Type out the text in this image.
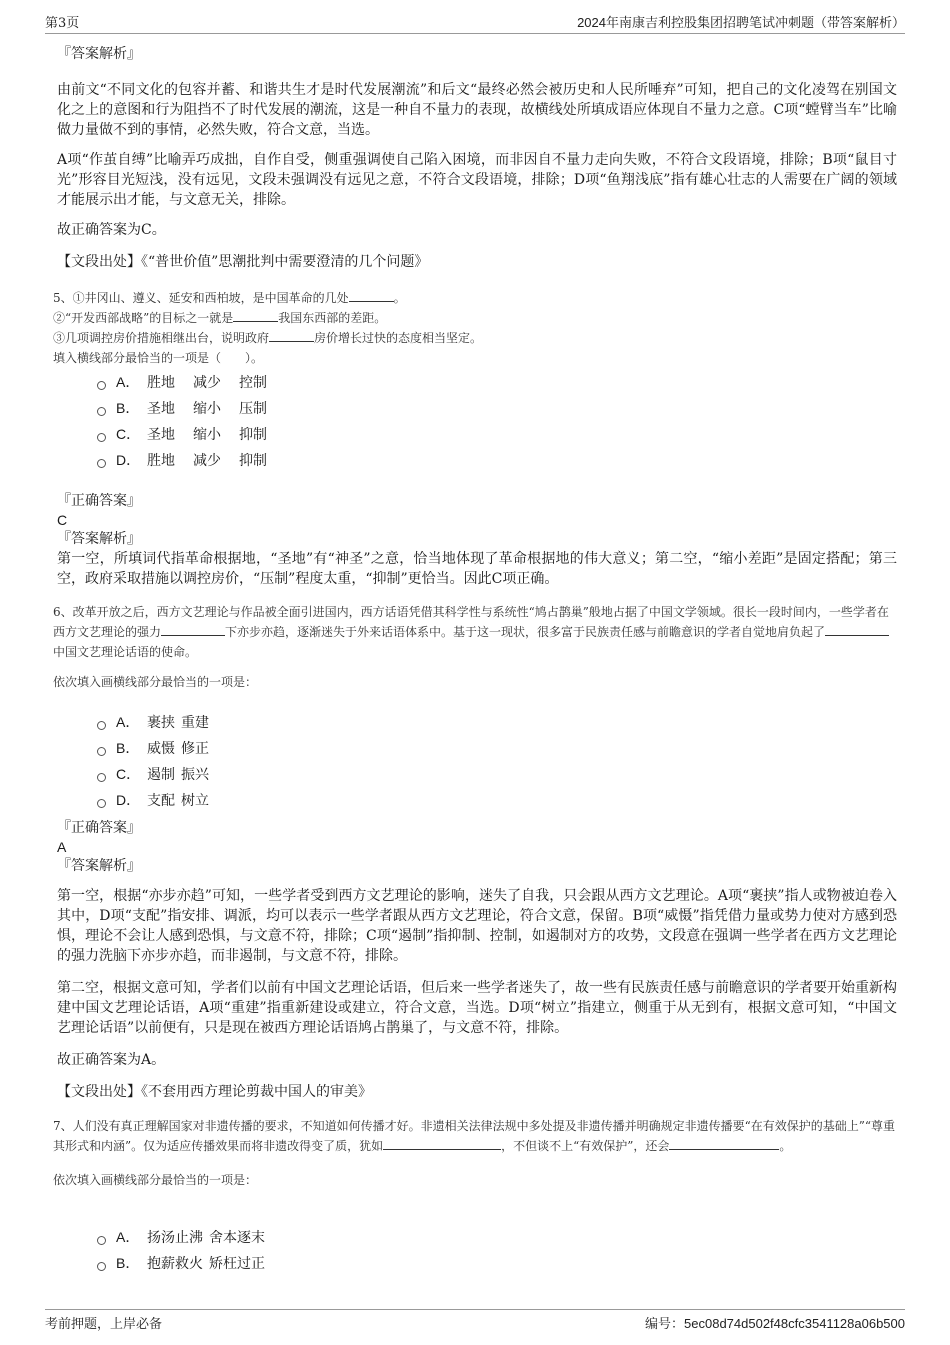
第3页	2024年南康吉利控股集团招聘笔试冲刺题（带答案解析）

『答案解析』

由前文“不同文化的包容并蓄、和谐共生才是时代发展潮流”和后文“最终必然会被历史和人民所唾弃”可知，把自己的文化凌驾在别国文化之上的意图和行为阻挡不了时代发展的潮流，这是一种自不量力的表现，故横线处所填成语应体现自不量力之意。C项“螳臂当车”比喻做力量做不到的事情，必然失败，符合文意，当选。

A项“作茧自缚”比喻弄巧成拙，自作自受，侧重强调使自己陷入困境，而非因自不量力走向失败，不符合文段语境，排除；B项“鼠目寸光”形容目光短浅，没有远见，文段未强调没有远见之意，不符合文段语境，排除；D项“鱼翔浅底”指有雄心壮志的人需要在广阔的领域才能展示出才能，与文意无关，排除。

故正确答案为C。

【文段出处】《“普世价值”思潮批判中需要澄清的几个问题》

5、①井冈山、遵义、延安和西柏坡，是中国革命的几处	。

②“开发西部战略”的目标之一就是	我国东西部的差距。

③几项调控房价措施相继出台，说明政府	房价增长过快的态度相当坚定。

填入横线部分最恰当的一项是（　　）。

A． 胜地 减少 控制
B． 圣地 缩小 压制
C． 圣地 缩小 抑制
D． 胜地 减少 抑制

『正确答案』

C

『答案解析』

第一空，所填词代指革命根据地，“圣地”有“神圣”之意，恰当地体现了革命根据地的伟大意义；第二空，“缩小差距”是固定搭配；第三空，政府采取措施以调控房价，“压制”程度太重，“抑制”更恰当。因此C项正确。

6、改革开放之后，西方文艺理论与作品被全面引进国内，西方话语凭借其科学性与系统性“鸠占鹊巢”般地占据了中国文学领域。很长一段时间内，一些学者在西方文艺理论的强力	下亦步亦趋，逐渐迷失于外来话语体系中。基于这一现状，很多富于民族责任感与前瞻意识的学者自觉地肩负起了中国文艺理论话语的使命。

依次填入画横线部分最恰当的一项是：

A． 裹挟 重建
B． 威慑 修正
C． 遏制 振兴
D． 支配 树立

『正确答案』

A

『答案解析』

第一空，根据“亦步亦趋”可知，一些学者受到西方文艺理论的影响，迷失了自我，只会跟从西方文艺理论。A项“裹挟”指人或物被迫卷入其中，D项“支配”指安排、调派，均可以表示一些学者跟从西方文艺理论，符合文意，保留。B项“威慑”指凭借力量或势力使对方感到恐惧，理论不会让人感到恐惧，与文意不符，排除；C项“遏制”指抑制、控制，如遏制对方的攻势，文段意在强调一些学者在西方文艺理论的强力洗脑下亦步亦趋，而非遏制，与文意不符，排除。

第二空，根据文意可知，学者们以前有中国文艺理论话语，但后来一些学者迷失了，故一些有民族责任感与前瞻意识的学者要开始重新构建中国文艺理论话语，A项“重建”指重新建设或建立，符合文意，当选。D项“树立”指建立，侧重于从无到有，根据文意可知，“中国文艺理论话语”以前便有，只是现在被西方理论话语鸠占鹊巢了，与文意不符，排除。

故正确答案为A。

【文段出处】《不套用西方理论剪裁中国人的审美》

7、人们没有真正理解国家对非遗传播的要求，不知道如何传播才好。非遗相关法律法规中多处提及非遗传播并明确规定非遗传播要“在有效保护的基础上”“尊重其形式和内涵”。仅为适应传播效果而将非遗改得变了质，犹如	，不但谈不上“有效保护”，还会	。

依次填入画横线部分最恰当的一项是：

A． 扬汤止沸 舍本逐末
B． 抱薪救火 矫枉过正
考前押题，上岸必备	编号：5ec08d74d502f48cfc3541128a06b500
